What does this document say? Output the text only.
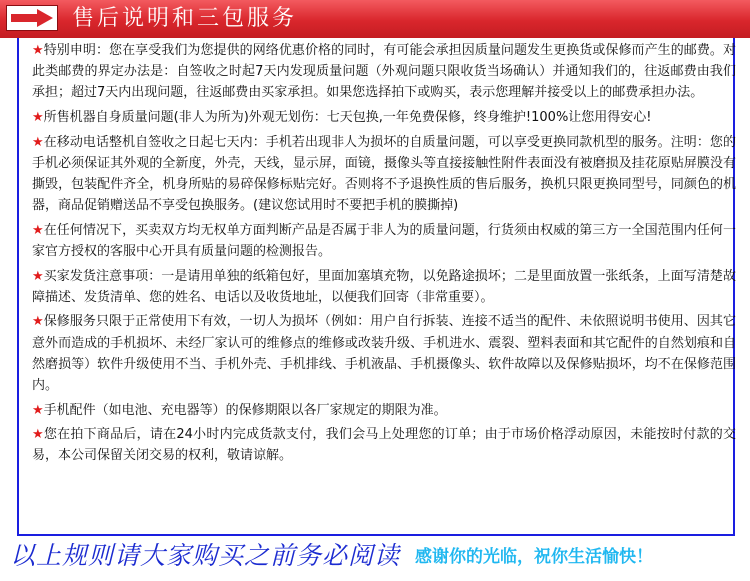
售后说明和三包服务

★特别申明：您在享受我们为您提供的网络优惠价格的同时，有可能会承担因质量问题发生更换货或保修而产生的邮费。对此类邮费的界定办法是：自签收之时起7天内发现质量问题（外观问题只限收货当场确认）并通知我们的，往返邮费由我们承担；超过7天内出现问题，往返邮费由买家承担。如果您选择拍下或购买，表示您理解并接受以上的邮费承担办法。

★所售机器自身质量问题(非人为所为)外观无划伤：七天包换,一年免费保修，终身维护!100%让您用得安心!

★在移动电话整机自签收之日起七天内：手机若出现非人为损坏的自质量问题，可以享受更换同款机型的服务。注明：您的手机必须保证其外观的全新度，外壳，天线，显示屏，面镜，摄像头等直接接触性附件表面没有被磨损及挂花原贴屏膜没有撕毁，包装配件齐全，机身所贴的易碎保修标贴完好。否则将不予退换性质的售后服务，换机只限更换同型号，同颜色的机器，商品促销赠送品不享受包换服务。(建议您试用时不要把手机的膜撕掉)

★在任何情况下，买卖双方均无权单方面判断产品是否属于非人为的质量问题，行货须由权威的第三方一全国范围内任何一家官方授权的客服中心开具有质量问题的检测报告。

★买家发货注意事项：一是请用单独的纸箱包好，里面加塞填充物，以免路途损坏；二是里面放置一张纸条，上面写清楚故障描述、发货清单、您的姓名、电话以及收货地址，以便我们回寄（非常重要）。

★保修服务只限于正常使用下有效，一切人为损坏（例如：用户自行拆装、连接不适当的配件、未依照说明书使用、因其它意外而造成的手机损坏、未经厂家认可的维修点的维修或改装升级、手机进水、震裂、塑料表面和其它配件的自然划痕和自然磨损等）软件升级使用不当、手机外壳、手机排线、手机液晶、手机摄像头、软件故障以及保修贴损坏，均不在保修范围内。

★手机配件（如电池、充电器等）的保修期限以各厂家规定的期限为准。

★您在拍下商品后，请在24小时内完成货款支付，我们会马上处理您的订单；由于市场价格浮动原因，未能按时付款的交易，本公司保留关闭交易的权利，敬请谅解。

以上规则请大家购买之前务必阅读 感谢你的光临，祝你生活愉快！
